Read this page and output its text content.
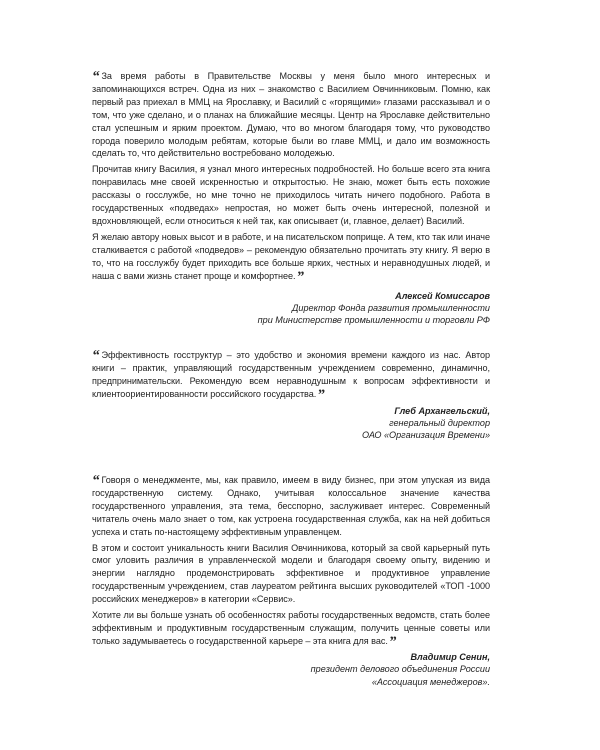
“ За время работы в Правительстве Москвы у меня было много интересных и запоминающихся встреч. Одна из них – знакомство с Василием Овчинниковым. Помню, как первый раз приехал в ММЦ на Ярославку, и Василий с «горящими» глазами рассказывал и о том, что уже сделано, и о планах на ближайшие месяцы. Центр на Ярославке действительно стал успешным и ярким проектом. Думаю, что во многом благодаря тому, что руководство города поверило молодым ребятам, которые были во главе ММЦ, и дало им возможность сделать то, что действительно востребовано молодежью.

Прочитав книгу Василия, я узнал много интересных подробностей. Но больше всего эта книга понравилась мне своей искренностью и открытостью. Не знаю, может быть есть похожие рассказы о госслужбе, но мне точно не приходилось читать ничего подобного. Работа в государственных «подведах» непростая, но может быть очень интересной, полезной и вдохновляющей, если относиться к ней так, как описывает (и, главное, делает) Василий.

Я желаю автору новых высот и в работе, и на писательском поприще. А тем, кто так или иначе сталкивается с работой «подведов» – рекомендую обязательно прочитать эту книгу. Я верю в то, что на госслужбу будет приходить все больше ярких, честных и неравнодушных людей, и наша с вами жизнь станет проще и комфортнее.”

Алексей Комиссаров
Директор Фонда развития промышленности
при Министерстве промышленности и торговли РФ

“ Эффективность госструктур – это удобство и экономия времени каждого из нас. Автор книги – практик, управляющий государственным учреждением современно, динамично, предпринимательски. Рекомендую всем неравнодушным к вопросам эффективности и клиентоориентированности российского государства.”

Глеб Архангельский,
генеральный директор
ОАО «Организация Времени»

“ Говоря о менеджменте, мы, как правило, имеем в виду бизнес, при этом упуская из вида государственную систему. Однако, учитывая колоссальное значение качества государственного управления, эта тема, бесспорно, заслуживает интерес. Современный читатель очень мало знает о том, как устроена государственная служба, как на ней добиться успеха и стать по-настоящему эффективным управленцем.

В этом и состоит уникальность книги Василия Овчинникова, который за свой карьерный путь смог уловить различия в управленческой модели и благодаря своему опыту, видению и энергии наглядно продемонстрировать эффективное и продуктивное управление государственным учреждением, став лауреатом рейтинга высших руководителей «ТОП -1000 российских менеджеров» в категории «Сервис».

Хотите ли вы больше узнать об особенностях работы государственных ведомств, стать более эффективным и продуктивным государственным служащим, получить ценные советы или только задумываетесь о государственной карьере – эта книга для вас.”

Владимир Сенин,
президент делового объединения России
«Ассоциация менеджеров».
